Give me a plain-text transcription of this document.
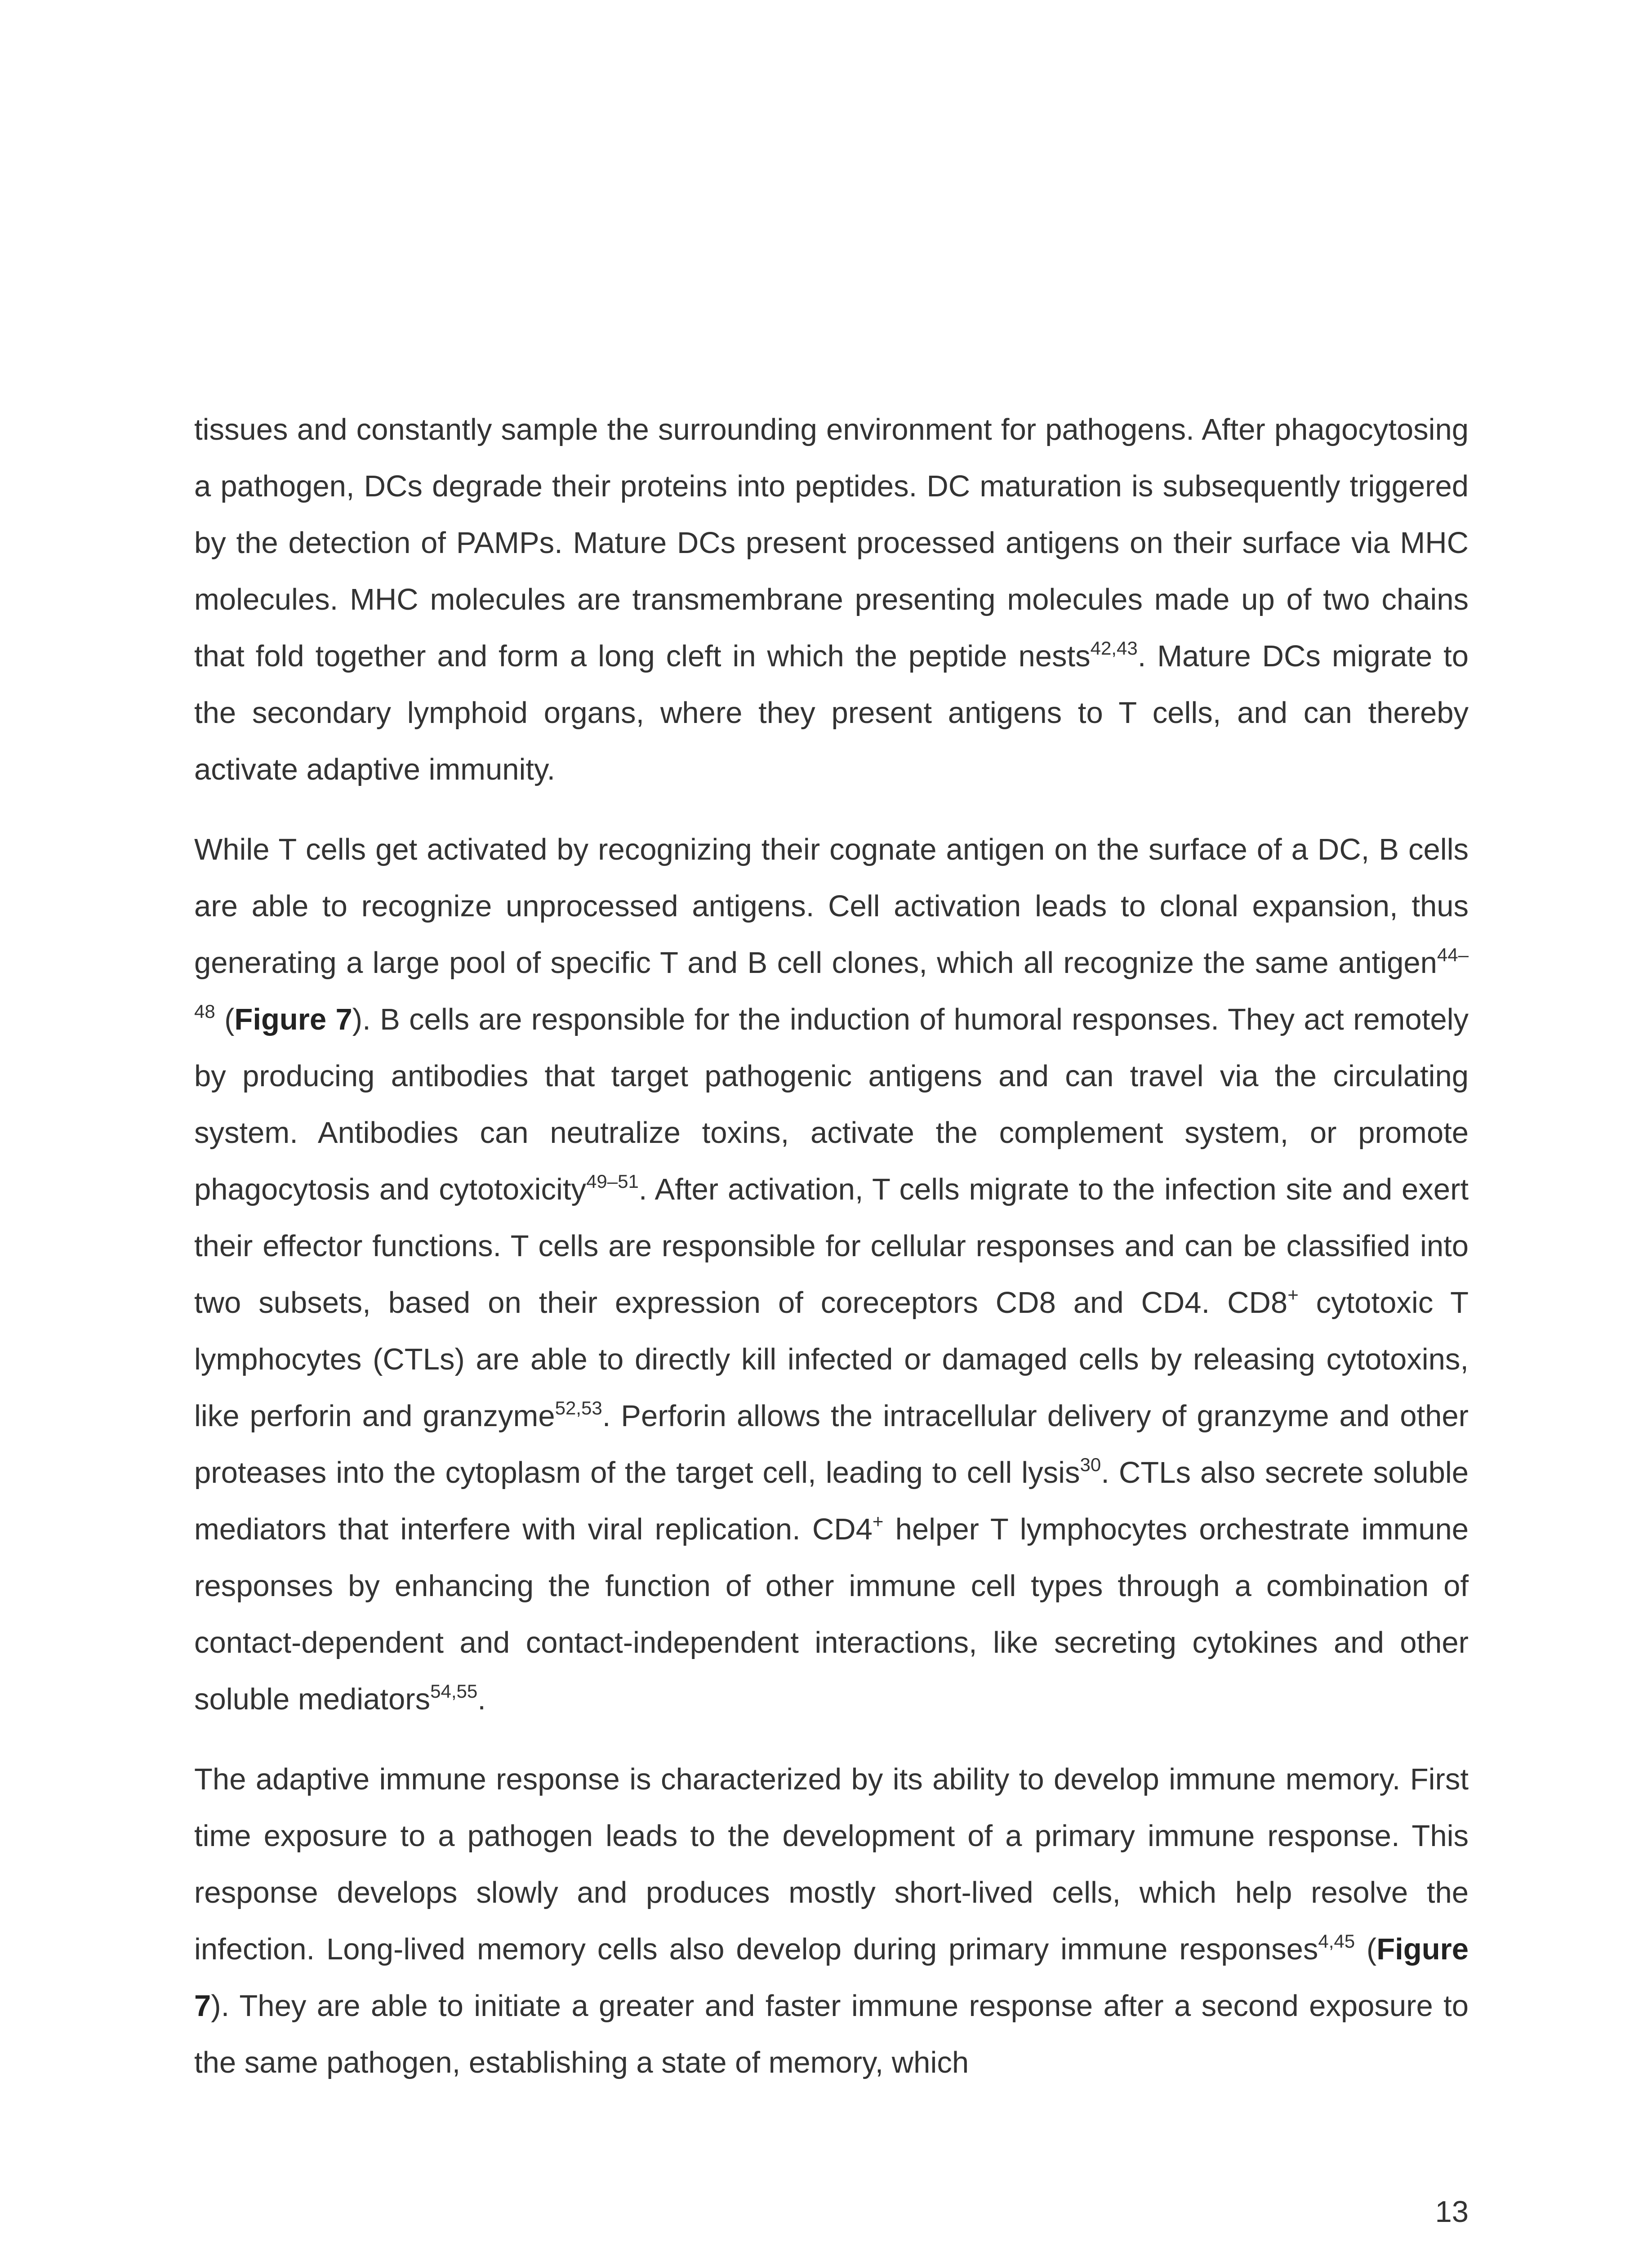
tissues and constantly sample the surrounding environment for pathogens. After phagocytosing a pathogen, DCs degrade their proteins into peptides. DC maturation is subsequently triggered by the detection of PAMPs. Mature DCs present processed antigens on their surface via MHC molecules. MHC molecules are transmembrane presenting molecules made up of two chains that fold together and form a long cleft in which the peptide nests$^{42,43}$. Mature DCs migrate to the secondary lymphoid organs, where they present antigens to T cells, and can thereby activate adaptive immunity.

While T cells get activated by recognizing their cognate antigen on the surface of a DC, B cells are able to recognize unprocessed antigens. Cell activation leads to clonal expansion, thus generating a large pool of specific T and B cell clones, which all recognize the same antigen$^{44-48}$ (Figure 7). B cells are responsible for the induction of humoral responses. They act remotely by producing antibodies that target pathogenic antigens and can travel via the circulating system. Antibodies can neutralize toxins, activate the complement system, or promote phagocytosis and cytotoxicity$^{49-51}$. After activation, T cells migrate to the infection site and exert their effector functions. T cells are responsible for cellular responses and can be classified into two subsets, based on their expression of coreceptors CD8 and CD4. CD8+ cytotoxic T lymphocytes (CTLs) are able to directly kill infected or damaged cells by releasing cytotoxins, like perforin and granzyme$^{52,53}$. Perforin allows the intracellular delivery of granzyme and other proteases into the cytoplasm of the target cell, leading to cell lysis$^{30}$. CTLs also secrete soluble mediators that interfere with viral replication. CD4+ helper T lymphocytes orchestrate immune responses by enhancing the function of other immune cell types through a combination of contact-dependent and contact-independent interactions, like secreting cytokines and other soluble mediators$^{54,55}$.

The adaptive immune response is characterized by its ability to develop immune memory. First time exposure to a pathogen leads to the development of a primary immune response. This response develops slowly and produces mostly short-lived cells, which help resolve the infection. Long-lived memory cells also develop during primary immune responses$^{4,45}$ (Figure 7). They are able to initiate a greater and faster immune response after a second exposure to the same pathogen, establishing a state of memory, which

13
